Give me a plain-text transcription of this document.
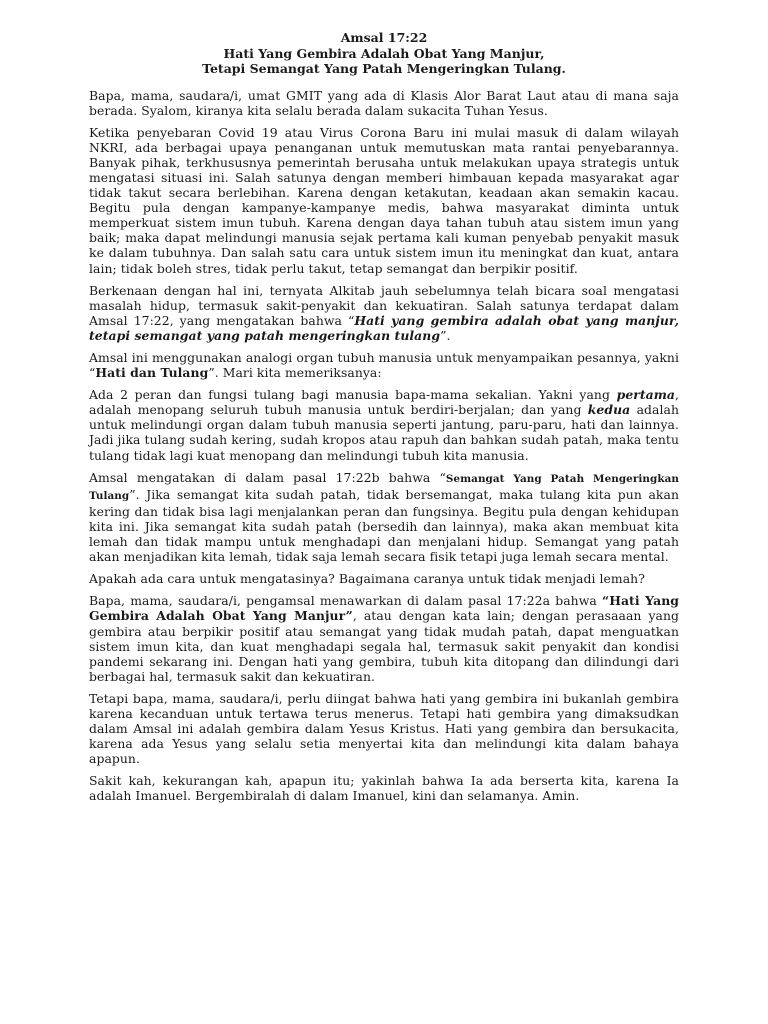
Amsal 17:22
Hati Yang Gembira Adalah Obat Yang Manjur,
Tetapi Semangat Yang Patah Mengeringkan Tulang.

Bapa, mama, saudara/i, umat GMIT yang ada di Klasis Alor Barat Laut atau di mana saja berada. Syalom, kiranya kita selalu berada dalam sukacita Tuhan Yesus.

Ketika penyebaran Covid 19 atau Virus Corona Baru ini mulai masuk di dalam wilayah NKRI, ada berbagai upaya penanganan untuk memutuskan mata rantai penyebarannya. Banyak pihak, terkhususnya pemerintah berusaha untuk melakukan upaya strategis untuk mengatasi situasi ini. Salah satunya dengan memberi himbauan kepada masyarakat agar tidak takut secara berlebihan. Karena dengan ketakutan, keadaan akan semakin kacau. Begitu pula dengan kampanye-kampanye medis, bahwa masyarakat diminta untuk memperkuat sistem imun tubuh. Karena dengan daya tahan tubuh atau sistem imun yang baik; maka dapat melindungi manusia sejak pertama kali kuman penyebab penyakit masuk ke dalam tubuhnya. Dan salah satu cara untuk sistem imun itu meningkat dan kuat, antara lain; tidak boleh stres, tidak perlu takut, tetap semangat dan berpikir positif.

Berkenaan dengan hal ini, ternyata Alkitab jauh sebelumnya telah bicara soal mengatasi masalah hidup, termasuk sakit-penyakit dan kekuatiran. Salah satunya terdapat dalam Amsal 17:22, yang mengatakan bahwa “Hati yang gembira adalah obat yang manjur, tetapi semangat yang patah mengeringkan tulang”.

Amsal ini menggunakan analogi organ tubuh manusia untuk menyampaikan pesannya, yakni “Hati dan Tulang”. Mari kita memeriksanya:

Ada 2 peran dan fungsi tulang bagi manusia bapa-mama sekalian. Yakni yang pertama, adalah menopang seluruh tubuh manusia untuk berdiri-berjalan; dan yang kedua adalah untuk melindungi organ dalam tubuh manusia seperti jantung, paru-paru, hati dan lainnya. Jadi jika tulang sudah kering, sudah kropos atau rapuh dan bahkan sudah patah, maka tentu tulang tidak lagi kuat menopang dan melindungi tubuh kita manusia.

Amsal mengatakan di dalam pasal 17:22b bahwa “Semangat Yang Patah Mengeringkan Tulang”. Jika semangat kita sudah patah, tidak bersemangat, maka tulang kita pun akan kering dan tidak bisa lagi menjalankan peran dan fungsinya. Begitu pula dengan kehidupan kita ini. Jika semangat kita sudah patah (bersedih dan lainnya), maka akan membuat kita lemah dan tidak mampu untuk menghadapi dan menjalani hidup. Semangat yang patah akan menjadikan kita lemah, tidak saja lemah secara fisik tetapi juga lemah secara mental.

Apakah ada cara untuk mengatasinya? Bagaimana caranya untuk tidak menjadi lemah?

Bapa, mama, saudara/i, pengamsal menawarkan di dalam pasal 17:22a bahwa “Hati Yang Gembira Adalah Obat Yang Manjur”, atau dengan kata lain; dengan perasaaan yang gembira atau berpikir positif atau semangat yang tidak mudah patah, dapat menguatkan sistem imun kita, dan kuat menghadapi segala hal, termasuk sakit penyakit dan kondisi pandemi sekarang ini. Dengan hati yang gembira, tubuh kita ditopang dan dilindungi dari berbagai hal, termasuk sakit dan kekuatiran.

Tetapi bapa, mama, saudara/i, perlu diingat bahwa hati yang gembira ini bukanlah gembira karena kecanduan untuk tertawa terus menerus. Tetapi hati gembira yang dimaksudkan dalam Amsal ini adalah gembira dalam Yesus Kristus. Hati yang gembira dan bersukacita, karena ada Yesus yang selalu setia menyertai kita dan melindungi kita dalam bahaya apapun.

Sakit kah, kekurangan kah, apapun itu; yakinlah bahwa Ia ada berserta kita, karena Ia adalah Imanuel. Bergembiralah di dalam Imanuel, kini dan selamanya. Amin.
